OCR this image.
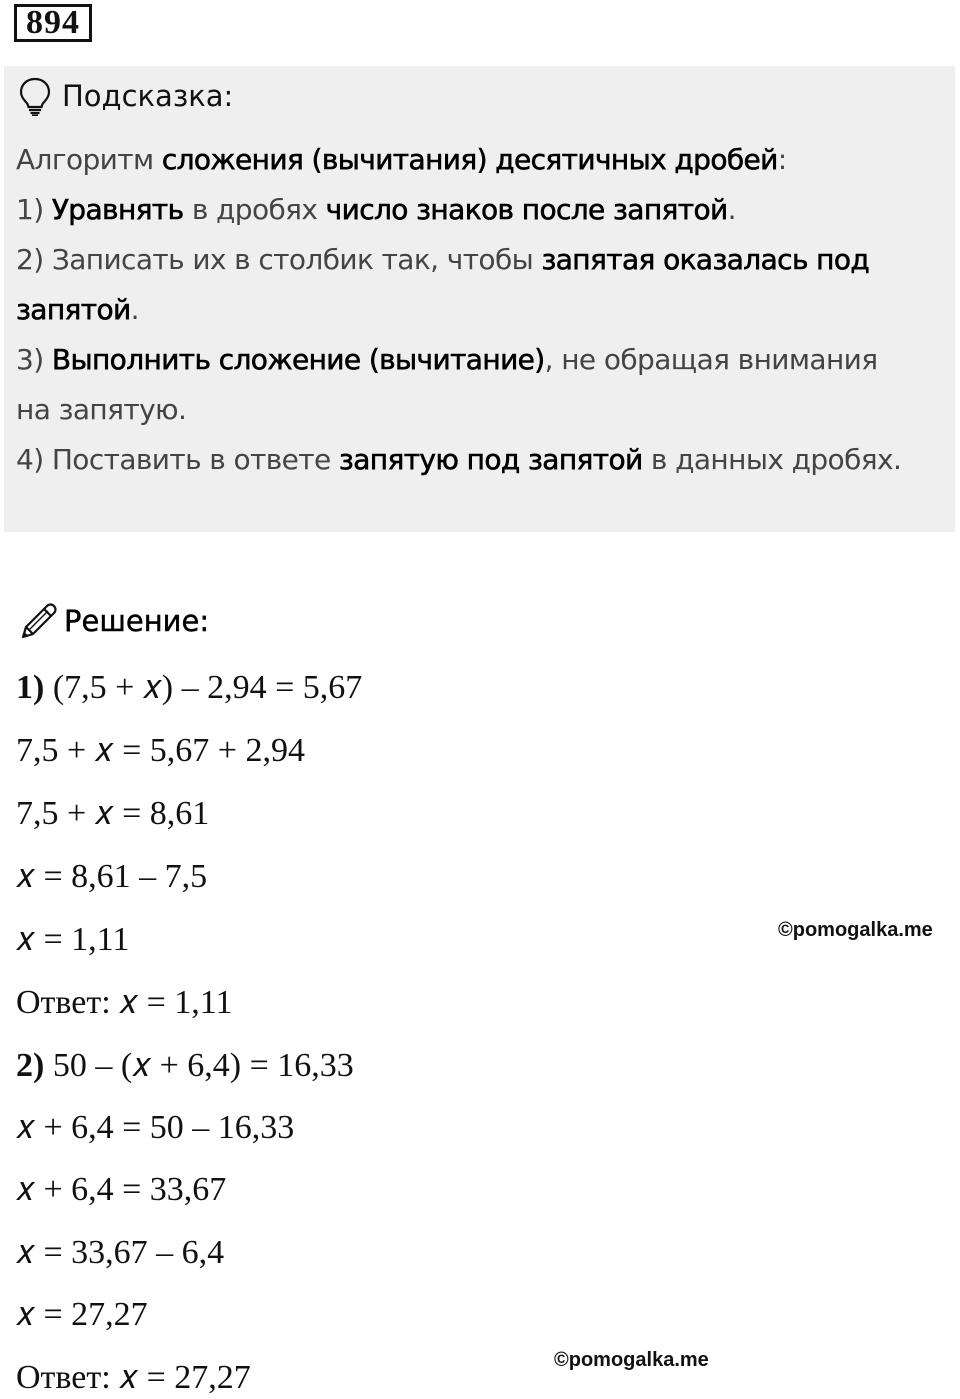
894
Подсказка:
Алгоритм сложения (вычитания) десятичных дробей:
1) Уравнять в дробях число знаков после запятой.
2) Записать их в столбик так, чтобы запятая оказалась под
запятой.
3) Выполнить сложение (вычитание), не обращая внимания
на запятую.
4) Поставить в ответе запятую под запятой в данных дробях.
Решение:
1) (7,5 + 𝑥) – 2,94 = 5,67
7,5 + 𝑥 = 5,67 + 2,94
7,5 + 𝑥 = 8,61
𝑥 = 8,61 – 7,5
𝑥 = 1,11
Ответ: 𝑥 = 1,11
2) 50 – (𝑥 + 6,4) = 16,33
𝑥 + 6,4 = 50 – 16,33
𝑥 + 6,4 = 33,67
𝑥 = 33,67 – 6,4
𝑥 = 27,27
Ответ: 𝑥 = 27,27
©pomogalka.me
©pomogalka.me
